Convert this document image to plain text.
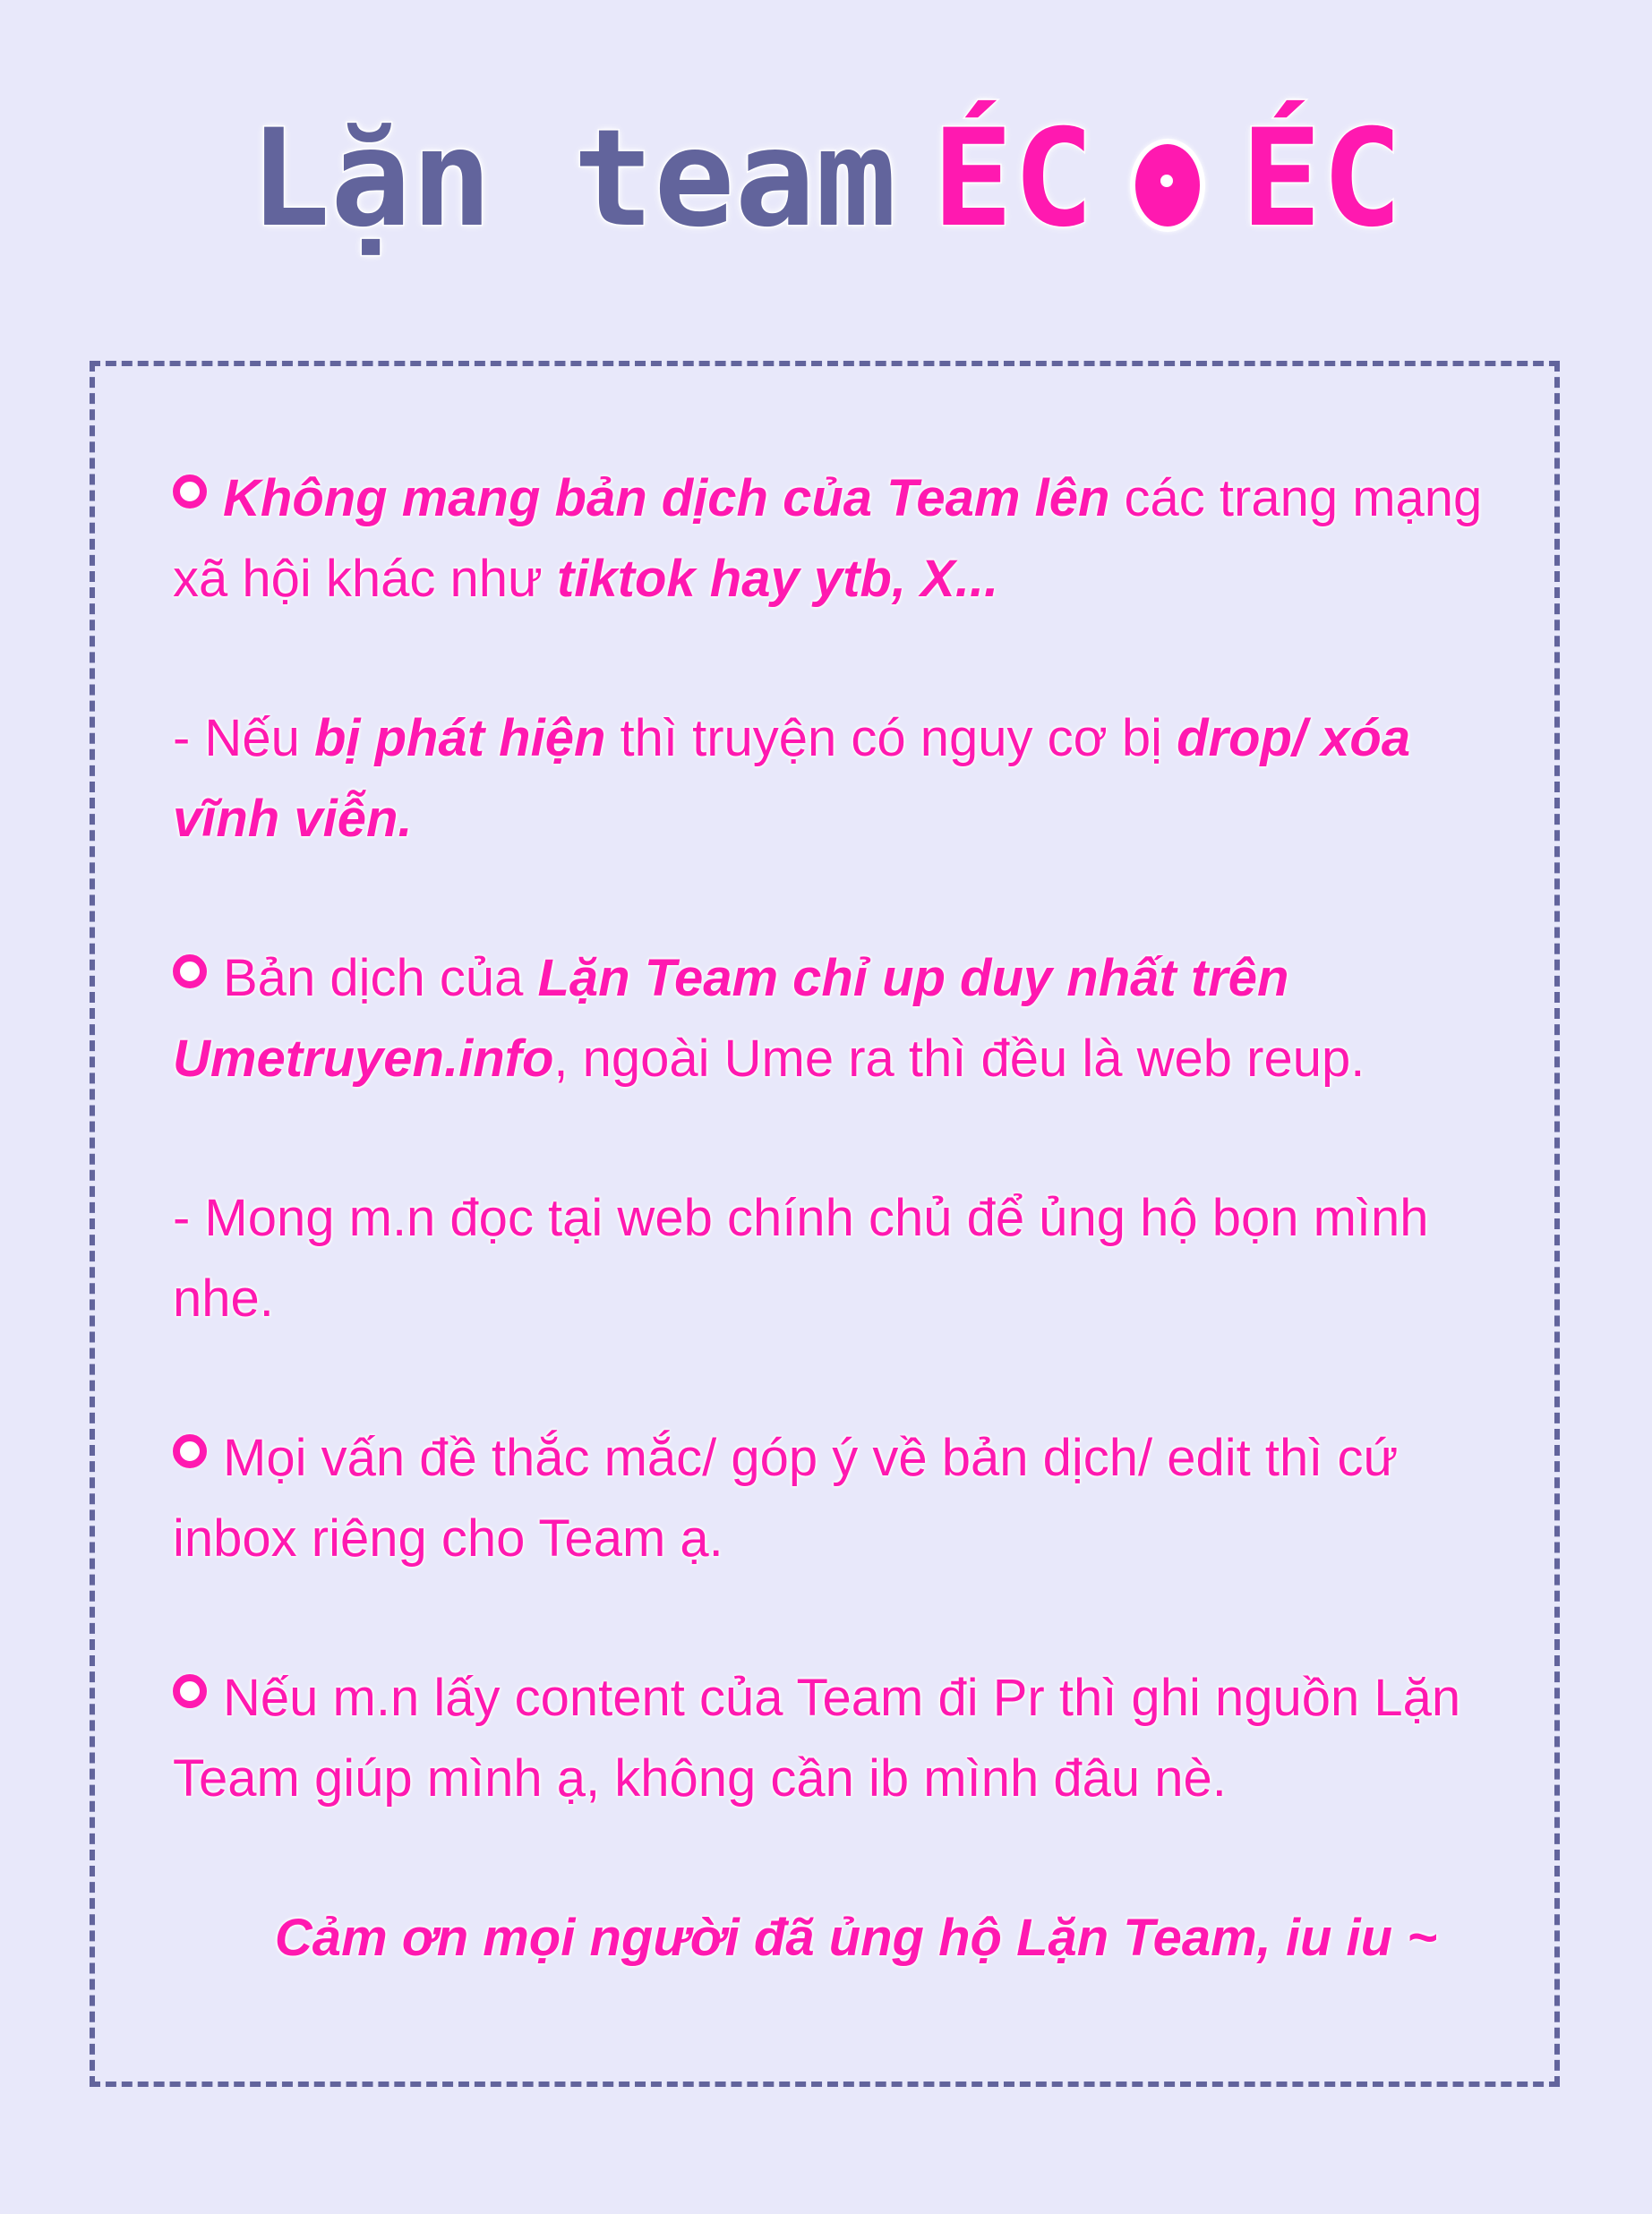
Lặn team ÉC ÉC

Không mang bản dịch của Team lên các trang mạng xã hội khác như tiktok hay ytb, X...

- Nếu bị phát hiện thì truyện có nguy cơ bị drop/ xóa vĩnh viễn.

Bản dịch của Lặn Team chỉ up duy nhất trên Umetruyen.info, ngoài Ume ra thì đều là web reup.

- Mong m.n đọc tại web chính chủ để ủng hộ bọn mình nhe.

Mọi vấn đề thắc mắc/ góp ý về bản dịch/ edit thì cứ inbox riêng cho Team ạ.

Nếu m.n lấy content của Team đi Pr thì ghi nguồn Lặn Team giúp mình ạ, không cần ib mình đâu nè.

Cảm ơn mọi người đã ủng hộ Lặn Team, iu iu ~
